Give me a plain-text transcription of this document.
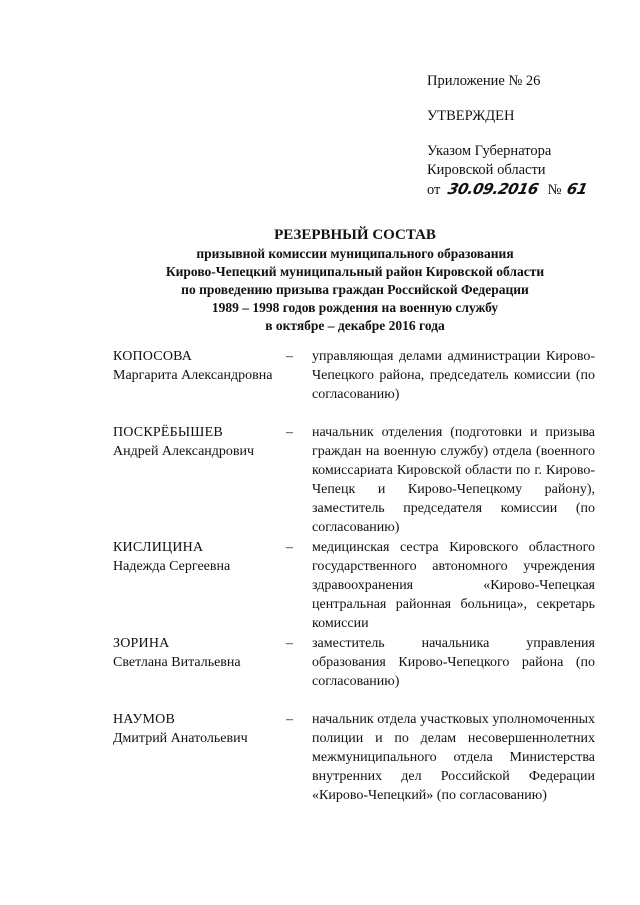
Приложение № 26
УТВЕРЖДЕН
Указом Губернатора
Кировской области
от 30.09.2016 № 61
РЕЗЕРВНЫЙ СОСТАВ
призывной комиссии муниципального образования
Кирово-Чепецкий муниципальный район Кировской области
по проведению призыва граждан Российской Федерации
1989 – 1998 годов рождения на военную службу
в октябре – декабре 2016 года
КОПОСОВА
Маргарита Александровна
–	управляющая делами администрации Кирово-Чепецкого района, председатель комиссии (по согласованию)
ПОСКРЁБЫШЕВ
Андрей Александрович
–	начальник отделения (подготовки и призыва граждан на военную службу) отдела (военного комиссариата Кировской области по г. Кирово-Чепецк и Кирово-Чепецкому району), заместитель председателя комиссии (по согласованию)
КИСЛИЦИНА
Надежда Сергеевна
–	медицинская сестра Кировского областного государственного автономного учреждения здравоохранения «Кирово-Чепецкая центральная районная больница», секретарь комиссии
ЗОРИНА
Светлана Витальевна
–	заместитель начальника управления образования Кирово-Чепецкого района (по согласованию)
НАУМОВ
Дмитрий Анатольевич
–	начальник отдела участковых уполномоченных полиции и по делам несовершеннолетних межмуниципального отдела Министерства внутренних дел Российской Федерации «Кирово-Чепецкий» (по согласованию)
